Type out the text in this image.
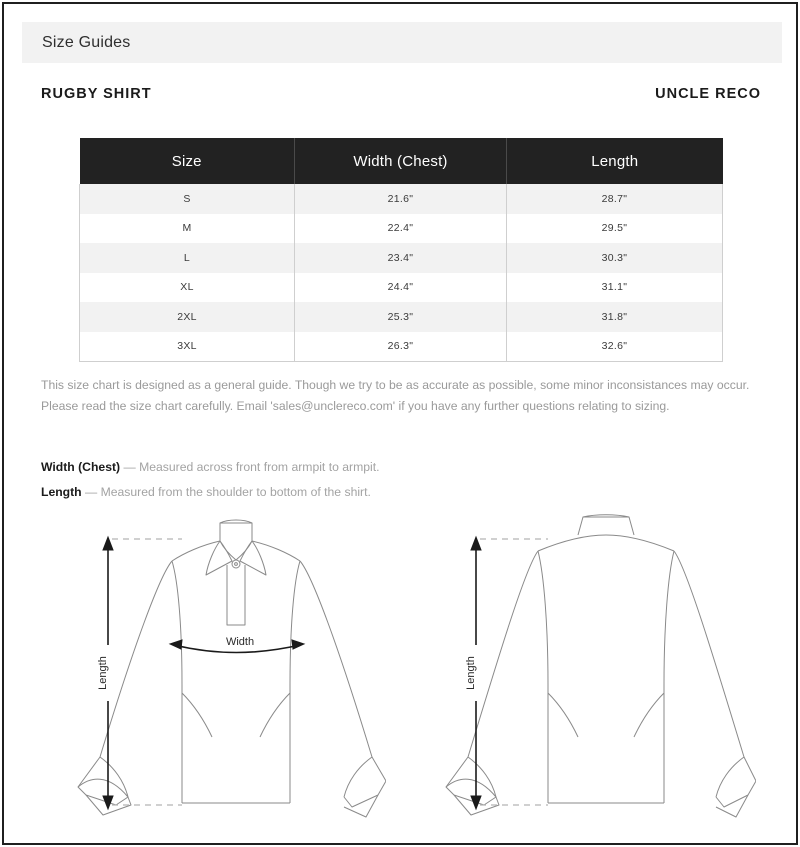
Size Guides
RUGBY SHIRT	UNCLE RECO
Size	Width (Chest)	Length
S	21.6"	28.7"
M	22.4"	29.5"
L	23.4"	30.3"
XL	24.4"	31.1"
2XL	25.3"	31.8"
3XL	26.3"	32.6"
This size chart is designed as a general guide. Though we try to be as accurate as possible, some minor inconsistances may occur. Please read the size chart carefully. Email 'sales@unclereco.com' if you have any further questions relating to sizing.
Width (Chest) — Measured across front from armpit to armpit.
Length — Measured from the shoulder to bottom of the shirt.
Width
Length	Length
